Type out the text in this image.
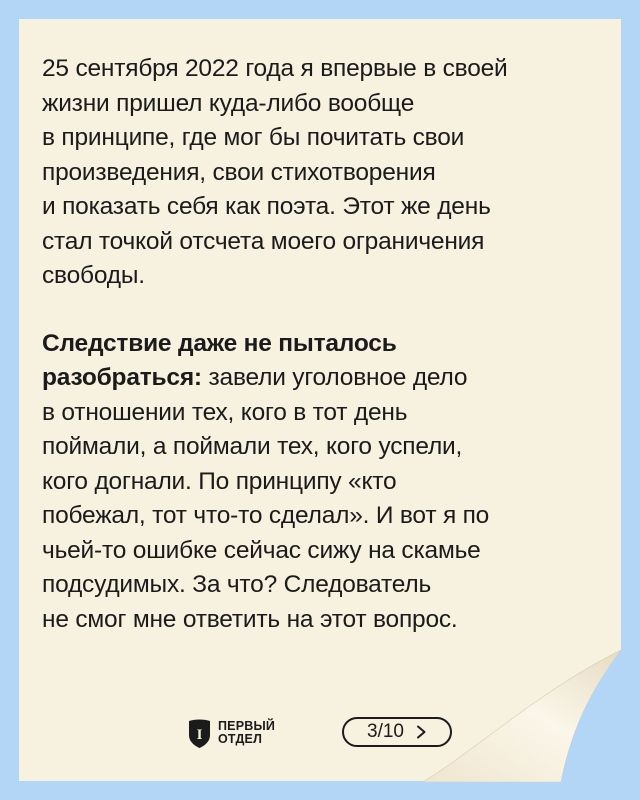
25 сентября 2022 года я впервые в своей
жизни пришел куда-либо вообще
в принципе, где мог бы почитать свои
произведения, свои стихотворения
и показать себя как поэта. Этот же день
стал точкой отсчета моего ограничения
свободы.

Следствие даже не пыталось
разобраться: завели уголовное дело
в отношении тех, кого в тот день
поймали, а поймали тех, кого успели,
кого догнали. По принципу «кто
побежал, тот что-то сделал». И вот я по
чьей-то ошибке сейчас сижу на скамье
подсудимых. За что? Следователь
не смог мне ответить на этот вопрос.

I
ПЕРВЫЙ
ОТДЕЛ	3/10
